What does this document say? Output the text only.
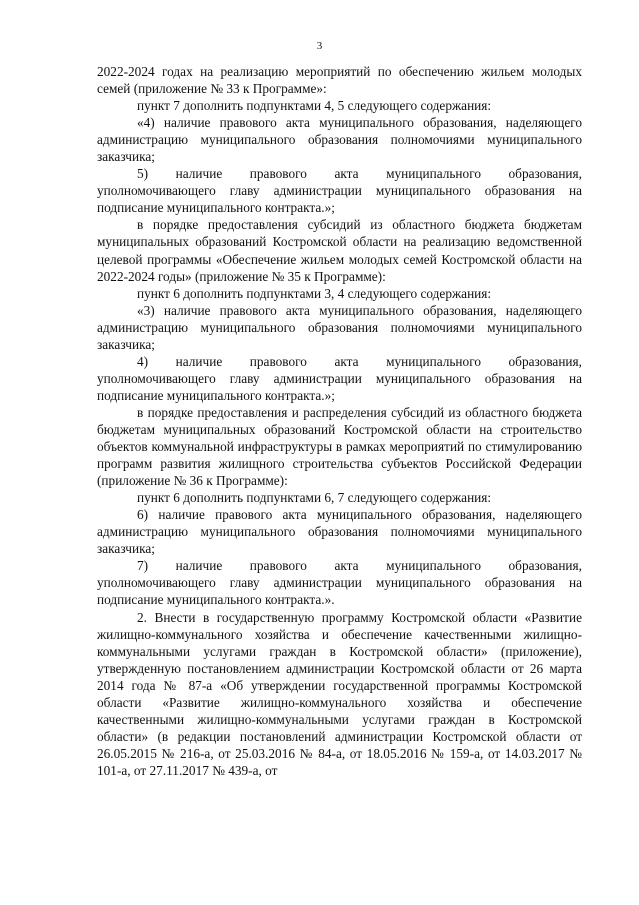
3

2022-2024 годах на реализацию мероприятий по обеспечению жильем молодых семей (приложение № 33 к Программе»:

пункт 7 дополнить подпунктами 4, 5 следующего содержания:

«4) наличие правового акта муниципального образования, наделяющего администрацию муниципального образования полномочиями муниципального заказчика;

5) наличие правового акта муниципального образования, уполномочивающего главу администрации муниципального образования на подписание муниципального контракта.»;

в порядке предоставления субсидий из областного бюджета бюджетам муниципальных образований Костромской области на реализацию ведомственной целевой программы «Обеспечение жильем молодых семей Костромской области на 2022-2024 годы» (приложение № 35 к Программе):

пункт 6 дополнить подпунктами 3, 4 следующего содержания:

«3) наличие правового акта муниципального образования, наделяющего администрацию муниципального образования полномочиями муниципального заказчика;

4) наличие правового акта муниципального образования, уполномочивающего главу администрации муниципального образования на подписание муниципального контракта.»;

в порядке предоставления и распределения субсидий из областного бюджета бюджетам муниципальных образований Костромской области на строительство объектов коммунальной инфраструктуры в рамках мероприятий по стимулированию программ развития жилищного строительства субъектов Российской Федерации (приложение № 36 к Программе):

пункт 6 дополнить подпунктами 6, 7 следующего содержания:

6) наличие правового акта муниципального образования, наделяющего администрацию муниципального образования полномочиями муниципального заказчика;

7) наличие правового акта муниципального образования, уполномочивающего главу администрации муниципального образования на подписание муниципального контракта.».

2. Внести в государственную программу Костромской области «Развитие жилищно-коммунального хозяйства и обеспечение качественными жилищно-коммунальными услугами граждан в Костромской области» (приложение), утвержденную постановлением администрации Костромской области от 26 марта 2014 года № 87-а «Об утверждении государственной программы Костромской области «Развитие жилищно-коммунального хозяйства и обеспечение качественными жилищно-коммунальными услугами граждан в Костромской области» (в редакции постановлений администрации Костромской области от 26.05.2015 № 216-а, от 25.03.2016 № 84-а, от 18.05.2016 № 159-а, от 14.03.2017 № 101-а, от 27.11.2017 № 439-а, от
